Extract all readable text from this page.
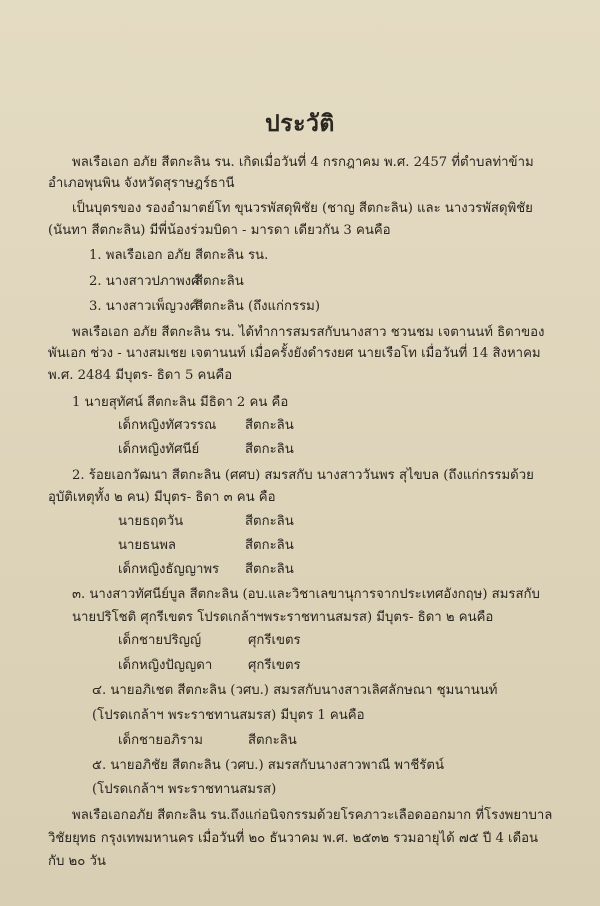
ประวัติ
พลเรือเอก อภัย สีตกะลิน รน. เกิดเมื่อวันที่ 4 กรกฎาคม พ.ศ. 2457 ที่ตำบลท่าข้าม
อำเภอพุนพิน จังหวัดสุราษฎร์ธานี
เป็นบุตรของ รองอำมาตย์โท ขุนวรพัสดุพิชัย (ชาญ สีตกะลิน) และ นางวรพัสดุพิชัย
(นันทา สีตกะลิน) มีพี่น้องร่วมบิดา - มารดา เดียวกัน 3 คนคือ
1. พลเรือเอก อภัย สีตกะลิน รน.
2. นางสาวปภาพงศ์
สีตกะลิน
3. นางสาวเพ็ญวงศ์
สีตกะลิน (ถึงแก่กรรม)
พลเรือเอก อภัย สีตกะลิน รน. ได้ทำการสมรสกับนางสาว ชวนชม เจตานนท์ ธิดาของ
พันเอก ช่วง - นางสมเชย เจตานนท์ เมื่อครั้งยังดำรงยศ นายเรือโท เมื่อวันที่ 14 สิงหาคม
พ.ศ. 2484 มีบุตร- ธิดา 5 คนคือ
1 นายสุทัศน์ สีตกะลิน มีธิดา 2 คน คือ
เด็กหญิงทัศวรรณ สีตกะลิน
เด็กหญิงทัศนีย์	สีตกะลิน
2. ร้อยเอกวัฒนา สีตกะลิน (ศศบ) สมรสกับ นางสาววันพร สุไขบล (ถึงแก่กรรมด้วย
อุบัติเหตุทั้ง ๒ คน) มีบุตร- ธิดา ๓ คน คือ
นายธฤตวัน	สีตกะลิน
นายธนพล	สีตกะลิน
เด็กหญิงธัญญาพร สีตกะลิน
๓. นางสาวทัศนีย์บูล สีตกะลิน (อบ.และวิชาเลขานุการจากประเทศอังกฤษ) สมรสกับ
นายปริโชติ ศุกรีเขตร โปรดเกล้าฯพระราชทานสมรส) มีบุตร- ธิดา ๒ คนคือ
เด็กชายปริญญ์	ศุกรีเขตร
เด็กหญิงปัญญดา	ศุกรีเขตร
๔. นายอภิเชต สีตกะลิน (วศบ.) สมรสกับนางสาวเลิศลักษณา ชุมนานนท์
(โปรดเกล้าฯ พระราชทานสมรส) มีบุตร 1 คนคือ
เด็กชายอภิราม	สีตกะลิน
๕. นายอภิชัย สีตกะลิน (วศบ.) สมรสกับนางสาวพาณี พาชีรัตน์
(โปรดเกล้าฯ พระราชทานสมรส)
พลเรือเอกอภัย สีตกะลิน รน.ถึงแก่อนิจกรรมด้วยโรคภาวะเลือดออกมาก ที่โรงพยาบาล
วิชัยยุทธ กรุงเทพมหานคร เมื่อวันที่ ๒๐ ธันวาคม พ.ศ. ๒๕๓๒ รวมอายุได้ ๗๕ ปี 4 เดือน
กับ ๒๐ วัน
